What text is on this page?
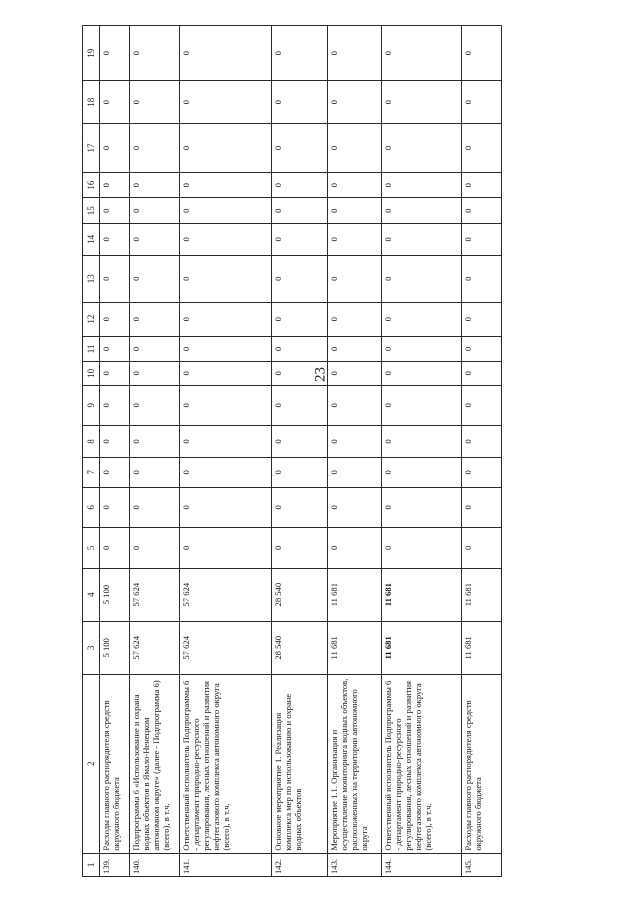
23
1	2	3	4	5	6	7	8	9	10	11	12	13	14	15	16	17	18	19
139.	Расходы главного распорядителя средств окружного бюджета	5 100	5 100	0	0	0	0	0	0	0	0	0	0	0	0	0	0	0
140.	Подпрограмма 6 «Использование и охрана водных объектов в Ямало-Ненецком автономном округе» (далее - Подпрограмма 6) (всего), в т.ч.	57 624	57 624	0	0	0	0	0	0	0	0	0	0	0	0	0	0	0
141.	Ответственный исполнитель Подпрограммы 6 - департамент природно-ресурсного регулирования, лесных отношений и развития нефтегазового комплекса автономного округа (всего), в т.ч.	57 624	57 624	0	0	0	0	0	0	0	0	0	0	0	0	0	0	0
142.	Основное мероприятие 1. Реализация комплекса мер по использованию и охране водных объектов	28 540	28 540	0	0	0	0	0	0	0	0	0	0	0	0	0	0	0
143.	Мероприятие 1.1. Организация и осуществление мониторинга водных объектов, расположенных на территории автономного округа	11 681	11 681	0	0	0	0	0	0	0	0	0	0	0	0	0	0	0
144.	Ответственный исполнитель Подпрограммы 6 - департамент природно-ресурсного регулирования, лесных отношений и развития нефтегазового комплекса автономного округа (всего), в т.ч.	11 681	11 681	0	0	0	0	0	0	0	0	0	0	0	0	0	0	0
145.	Расходы главного распорядителя средств окружного бюджета	11 681	11 681	0	0	0	0	0	0	0	0	0	0	0	0	0	0	0
